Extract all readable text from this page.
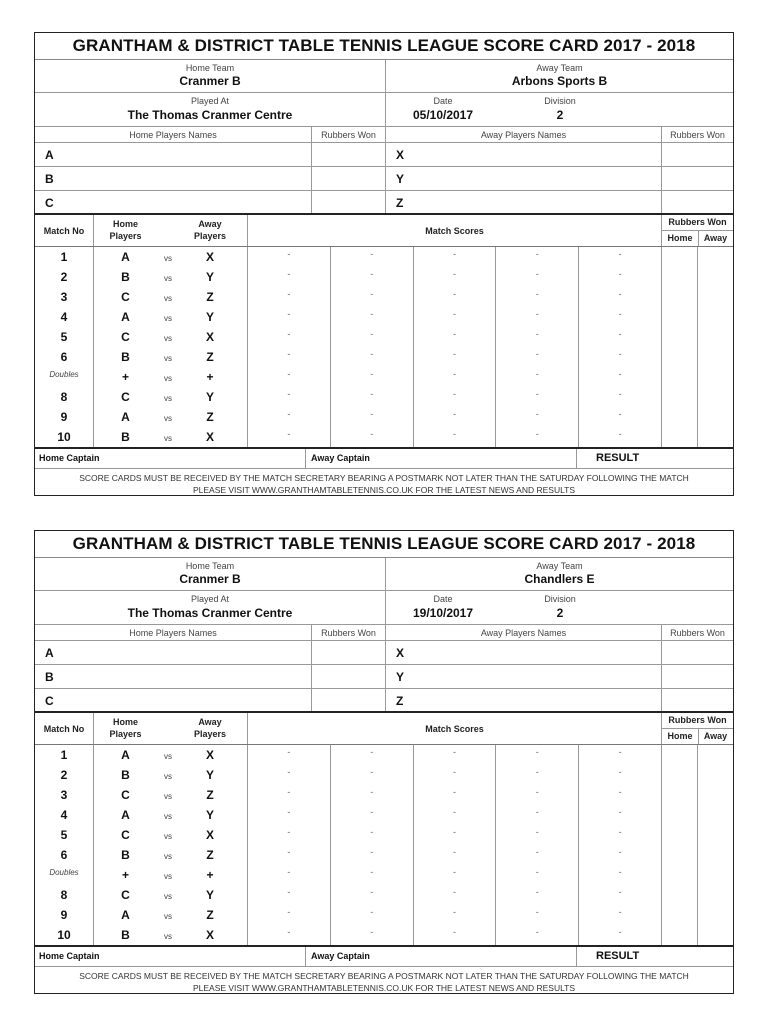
GRANTHAM & DISTRICT TABLE TENNIS LEAGUE SCORE CARD 2017 - 2018
Home Team
Cranmer B
Away Team
Arbons Sports B
Played At
The Thomas Cranmer Centre
Date
05/10/2017
Division
2
Home Players Names	Rubbers Won	Away Players Names	Rubbers Won
A	X
B	Y
C	Z
Match No
Home Players
Away Players	Match Scores
Rubbers Won
Home	Away
1	A	vs	X	-	-	-	-	-
2	B	vs	Y	-	-	-	-	-
3	C	vs	Z	-	-	-	-	-
4	A	vs	Y	-	-	-	-	-
5	C	vs	X	-	-	-	-	-
6	B	vs	Z	-	-	-	-	-
Doubles	+	vs	+	-	-	-	-	-
8	C	vs	Y	-	-	-	-	-
9	A	vs	Z	-	-	-	-	-
10	B	vs	X	-	-	-	-	-
Home Captain	Away Captain	RESULT
SCORE CARDS MUST BE RECEIVED BY THE MATCH SECRETARY BEARING A POSTMARK NOT LATER THAN THE SATURDAY FOLLOWING THE MATCH
PLEASE VISIT WWW.GRANTHAMTABLETENNIS.CO.UK FOR THE LATEST NEWS AND RESULTS
GRANTHAM & DISTRICT TABLE TENNIS LEAGUE SCORE CARD 2017 - 2018
Home Team
Cranmer B
Away Team
Chandlers E
Played At
The Thomas Cranmer Centre
Date
19/10/2017
Division
2
Home Players Names	Rubbers Won	Away Players Names	Rubbers Won
A	X
B	Y
C	Z
Match No
Home Players
Away Players	Match Scores
Rubbers Won
Home	Away
1	A	vs	X	-	-	-	-	-
2	B	vs	Y	-	-	-	-	-
3	C	vs	Z	-	-	-	-	-
4	A	vs	Y	-	-	-	-	-
5	C	vs	X	-	-	-	-	-
6	B	vs	Z	-	-	-	-	-
Doubles	+	vs	+	-	-	-	-	-
8	C	vs	Y	-	-	-	-	-
9	A	vs	Z	-	-	-	-	-
10	B	vs	X	-	-	-	-	-
Home Captain	Away Captain	RESULT
SCORE CARDS MUST BE RECEIVED BY THE MATCH SECRETARY BEARING A POSTMARK NOT LATER THAN THE SATURDAY FOLLOWING THE MATCH
PLEASE VISIT WWW.GRANTHAMTABLETENNIS.CO.UK FOR THE LATEST NEWS AND RESULTS
